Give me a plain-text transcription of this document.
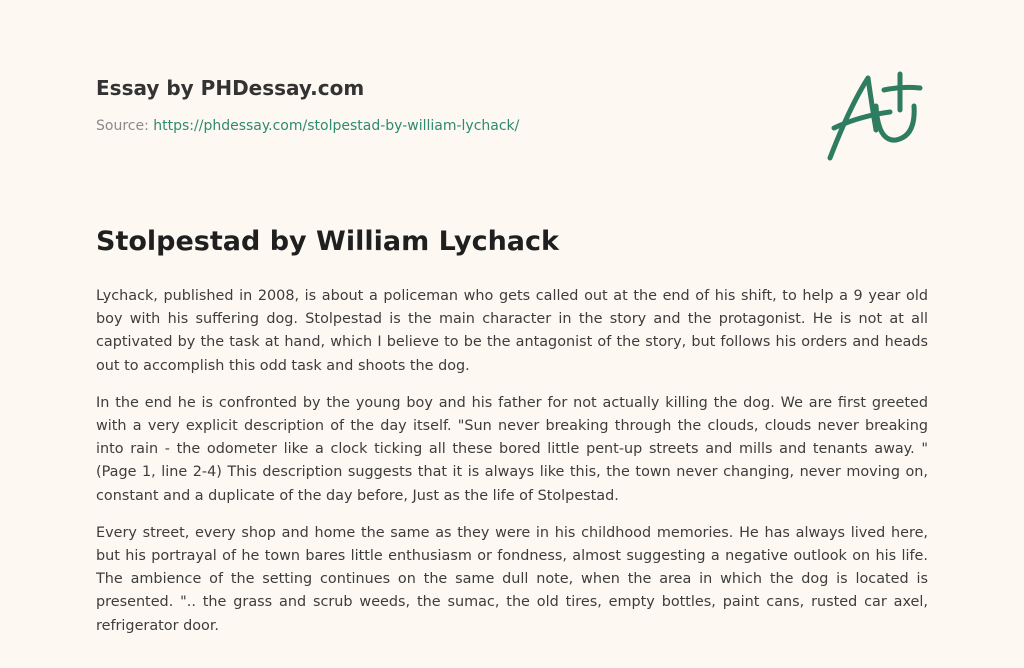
Essay by PHDessay.com
Source: https://phdessay.com/stolpestad-by-william-lychack/
Stolpestad by William Lychack

Lychack, published in 2008, is about a policeman who gets called out at the end of his shift, to help a 9 year old boy with his suffering dog. Stolpestad is the main character in the story and the protagonist. He is not at all captivated by the task at hand, which I believe to be the antagonist of the story, but follows his orders and heads out to accomplish this odd task and shoots the dog.

In the end he is confronted by the young boy and his father for not actually killing the dog. We are first greeted with a very explicit description of the day itself. "Sun never breaking through the clouds, clouds never breaking into rain - the odometer like a clock ticking all these bored little pent-up streets and mills and tenants away. " (Page 1, line 2-4) This description suggests that it is always like this, the town never changing, never moving on, constant and a duplicate of the day before, Just as the life of Stolpestad.

Every street, every shop and home the same as they were in his childhood memories. He has always lived here, but his portrayal of he town bares little enthusiasm or fondness, almost suggesting a negative outlook on his life. The ambience of the setting continues on the same dull note, when the area in which the dog is located is presented. ".. the grass and scrub weeds, the sumac, the old tires, empty bottles, paint cans, rusted car axel, refrigerator door.
